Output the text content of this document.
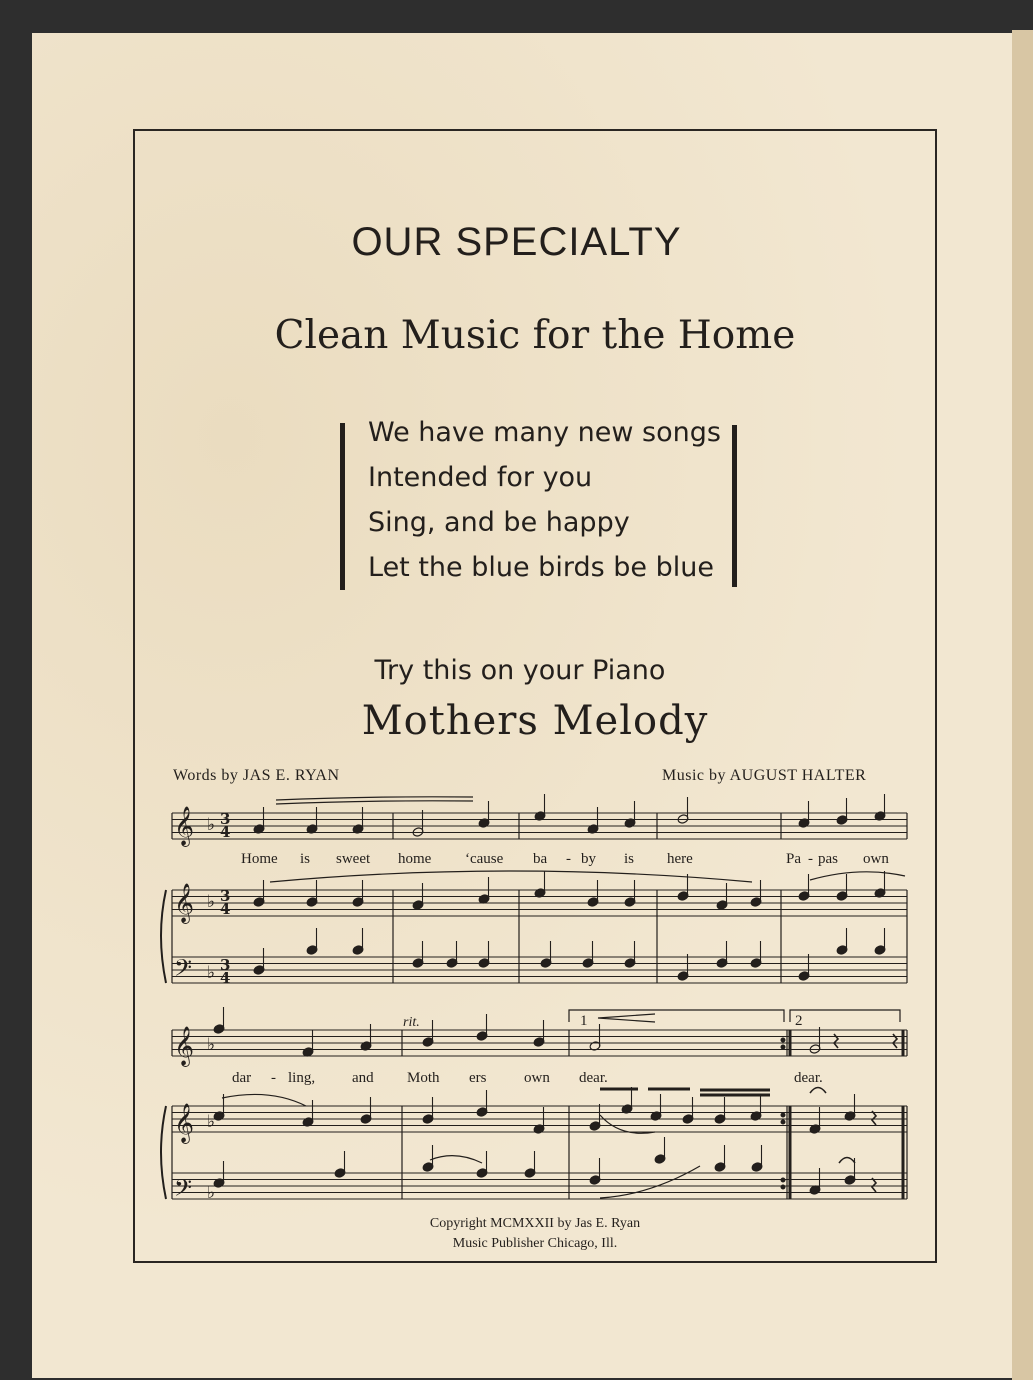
OUR SPECIALTY
Clean Music for the Home
We have many new songs
Intended for you
Sing, and be happy
Let the blue birds be blue
Try this on your Piano
Mothers Melody
Words by JAS E. RYAN	Music by AUGUST HALTER
𝄞
𝄞
𝄢
𝄞
𝄞
𝄢
♭
♭
♭
♭
♭
♭
3
4
3
4
3
4
rit.	1	2
Home is sweet home ‘cause ba - by is here	Pa - pas own
dar - ling, and Moth ers	own dear.	dear.
Copyright MCMXXII by Jas E. Ryan
Music Publisher Chicago, Ill.
